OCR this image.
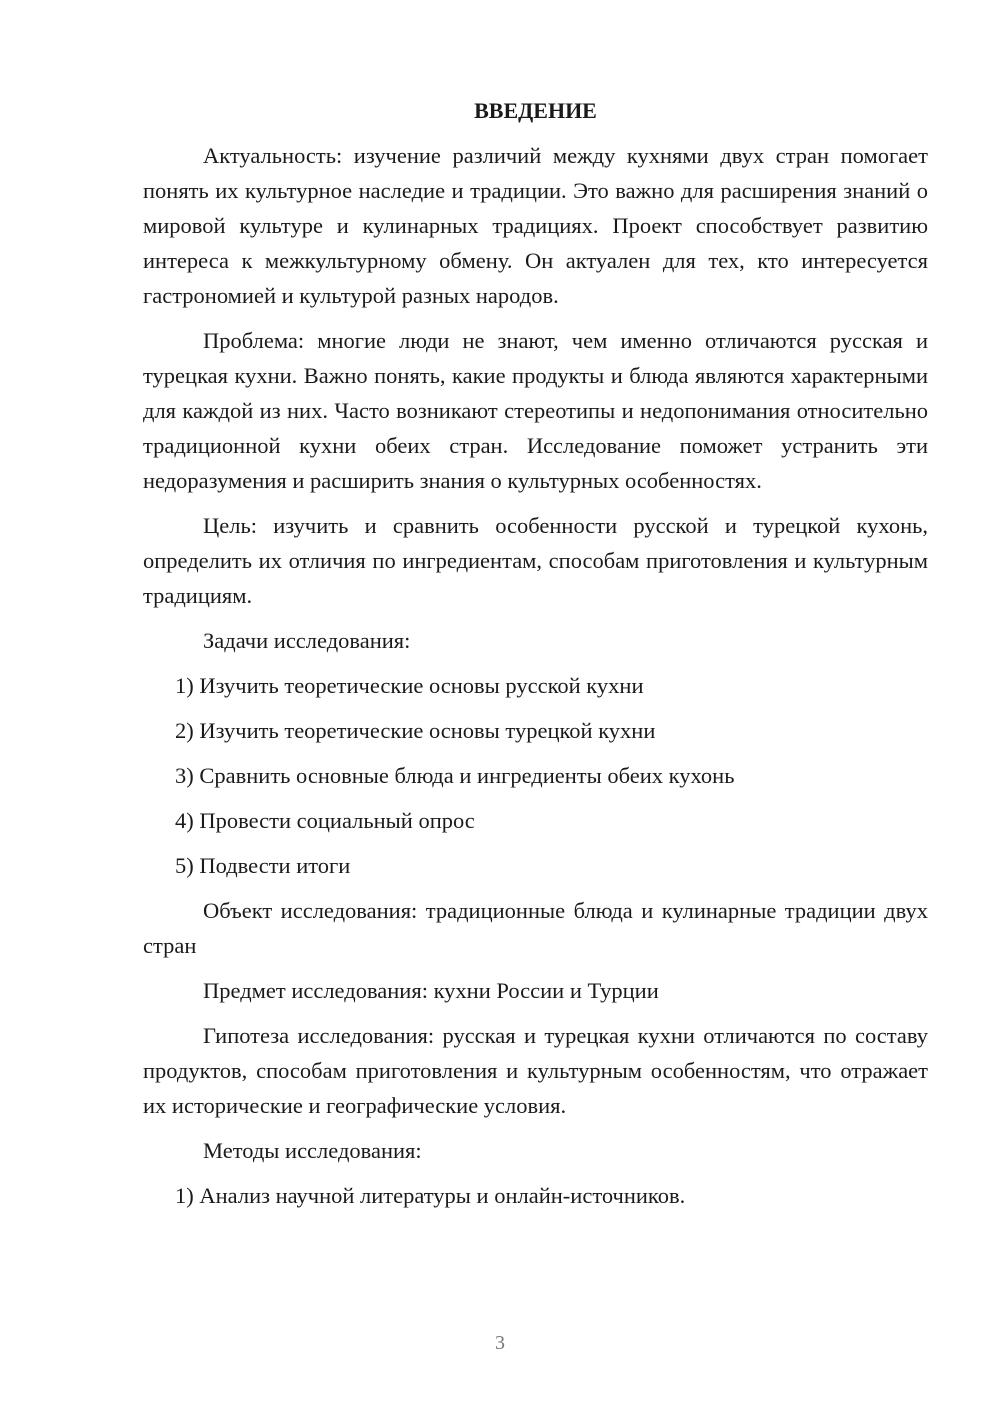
ВВЕДЕНИЕ

Актуальность: изучение различий между кухнями двух стран помогает понять их культурное наследие и традиции. Это важно для расширения знаний о мировой культуре и кулинарных традициях. Проект способствует развитию интереса к межкультурному обмену. Он актуален для тех, кто интересуется гастрономией и культурой разных народов.

Проблема: многие люди не знают, чем именно отличаются русская и турецкая кухни. Важно понять, какие продукты и блюда являются характерными для каждой из них. Часто возникают стереотипы и недопонимания относительно традиционной кухни обеих стран. Исследование поможет устранить эти недоразумения и расширить знания о культурных особенностях.

Цель: изучить и сравнить особенности русской и турецкой кухонь, определить их отличия по ингредиентам, способам приготовления и культурным традициям.

Задачи исследования:

1) Изучить теоретические основы русской кухни

2) Изучить теоретические основы турецкой кухни

3) Сравнить основные блюда и ингредиенты обеих кухонь

4) Провести социальный опрос

5) Подвести итоги

Объект исследования: традиционные блюда и кулинарные традиции двух стран

Предмет исследования: кухни России и Турции

Гипотеза исследования: русская и турецкая кухни отличаются по составу продуктов, способам приготовления и культурным особенностям, что отражает их исторические и географические условия.

Методы исследования:

1) Анализ научной литературы и онлайн-источников.

3
